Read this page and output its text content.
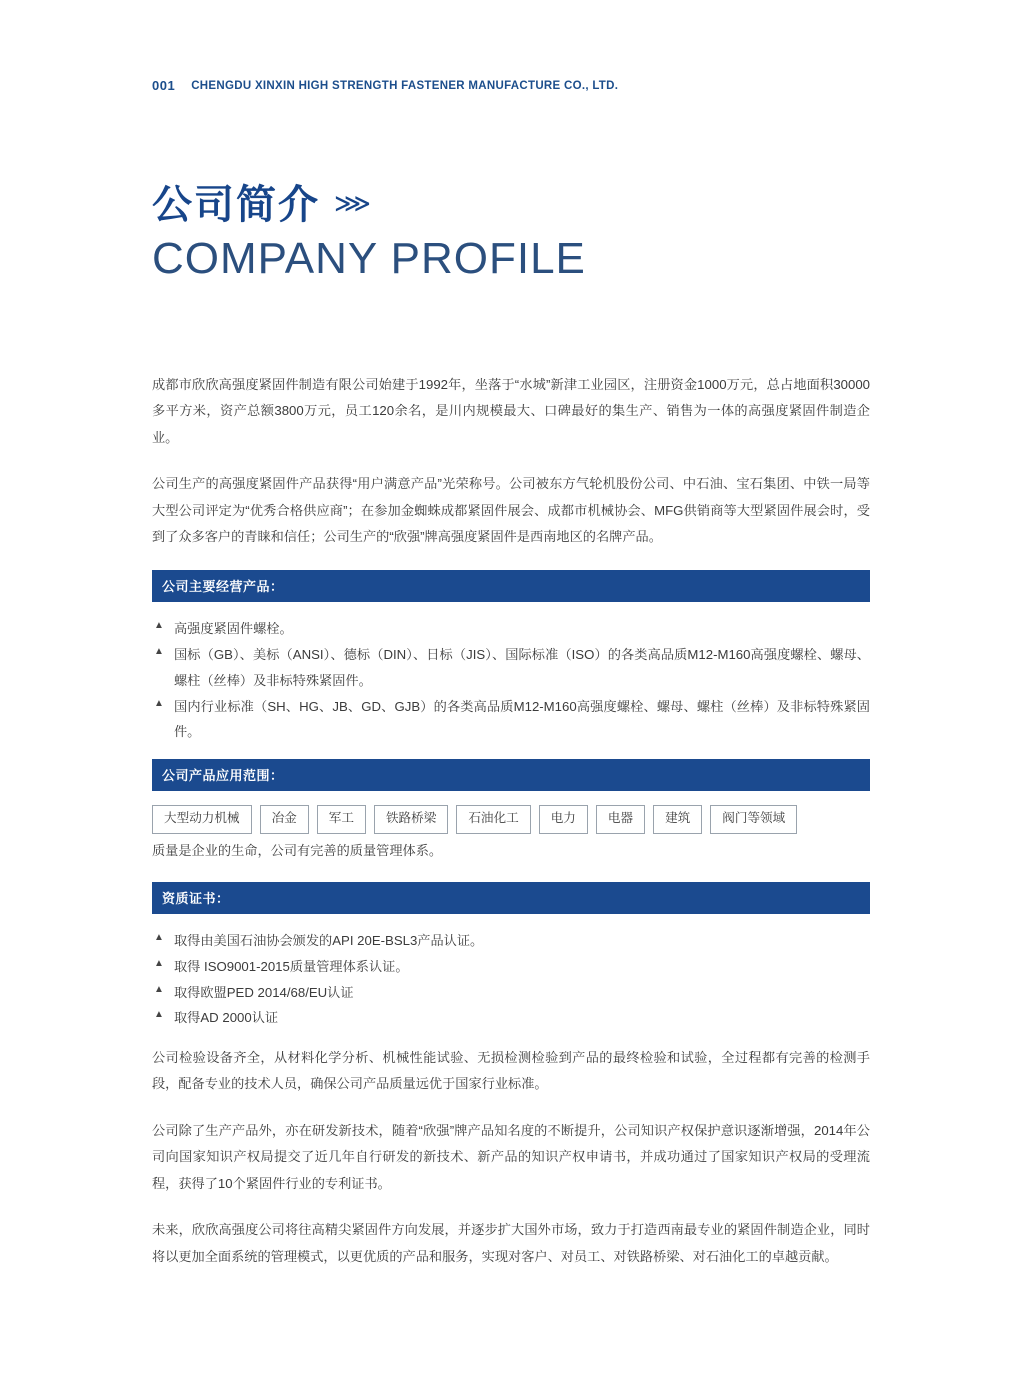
001 CHENGDU XINXIN HIGH STRENGTH FASTENER MANUFACTURE CO., LTD.
公司简介 ⋙
COMPANY PROFILE

成都市欣欣高强度紧固件制造有限公司始建于1992年，坐落于“水城”新津工业园区，注册资金1000万元，总占地面积30000多平方米，资产总额3800万元，员工120余名，是川内规模最大、口碑最好的集生产、销售为一体的高强度紧固件制造企业。

公司生产的高强度紧固件产品获得“用户满意产品”光荣称号。公司被东方气轮机股份公司、中石油、宝石集团、中铁一局等大型公司评定为“优秀合格供应商”；在参加金蜘蛛成都紧固件展会、成都市机械协会、MFG供销商等大型紧固件展会时，受到了众多客户的青睐和信任；公司生产的“欣强”牌高强度紧固件是西南地区的名牌产品。

公司主要经营产品：
▲ 高强度紧固件螺栓。
▲ 国标（GB）、美标（ANSI）、德标（DIN）、日标（JIS）、国际标准（ISO）的各类高品质M12-M160高强度螺栓、螺母、螺柱（丝棒）及非标特殊紧固件。
▲ 国内行业标准（SH、HG、JB、GD、GJB）的各类高品质M12-M160高强度螺栓、螺母、螺柱（丝棒）及非标特殊紧固件。
公司产品应用范围：
大型动力机械	冶金	军工	铁路桥梁	石油化工	电力	电器	建筑	阀门等领域

质量是企业的生命，公司有完善的质量管理体系。

资质证书：
▲ 取得由美国石油协会颁发的API 20E-BSL3产品认证。
▲ 取得 ISO9001-2015质量管理体系认证。
▲ 取得欧盟PED 2014/68/EU认证
▲ 取得AD 2000认证

公司检验设备齐全，从材料化学分析、机械性能试验、无损检测检验到产品的最终检验和试验，全过程都有完善的检测手段，配备专业的技术人员，确保公司产品质量远优于国家行业标准。

公司除了生产产品外，亦在研发新技术，随着“欣强”牌产品知名度的不断提升，公司知识产权保护意识逐渐增强，2014年公司向国家知识产权局提交了近几年自行研发的新技术、新产品的知识产权申请书，并成功通过了国家知识产权局的受理流程，获得了10个紧固件行业的专利证书。

未来，欣欣高强度公司将往高精尖紧固件方向发展，并逐步扩大国外市场，致力于打造西南最专业的紧固件制造企业，同时将以更加全面系统的管理模式，以更优质的产品和服务，实现对客户、对员工、对铁路桥梁、对石油化工的卓越贡献。
